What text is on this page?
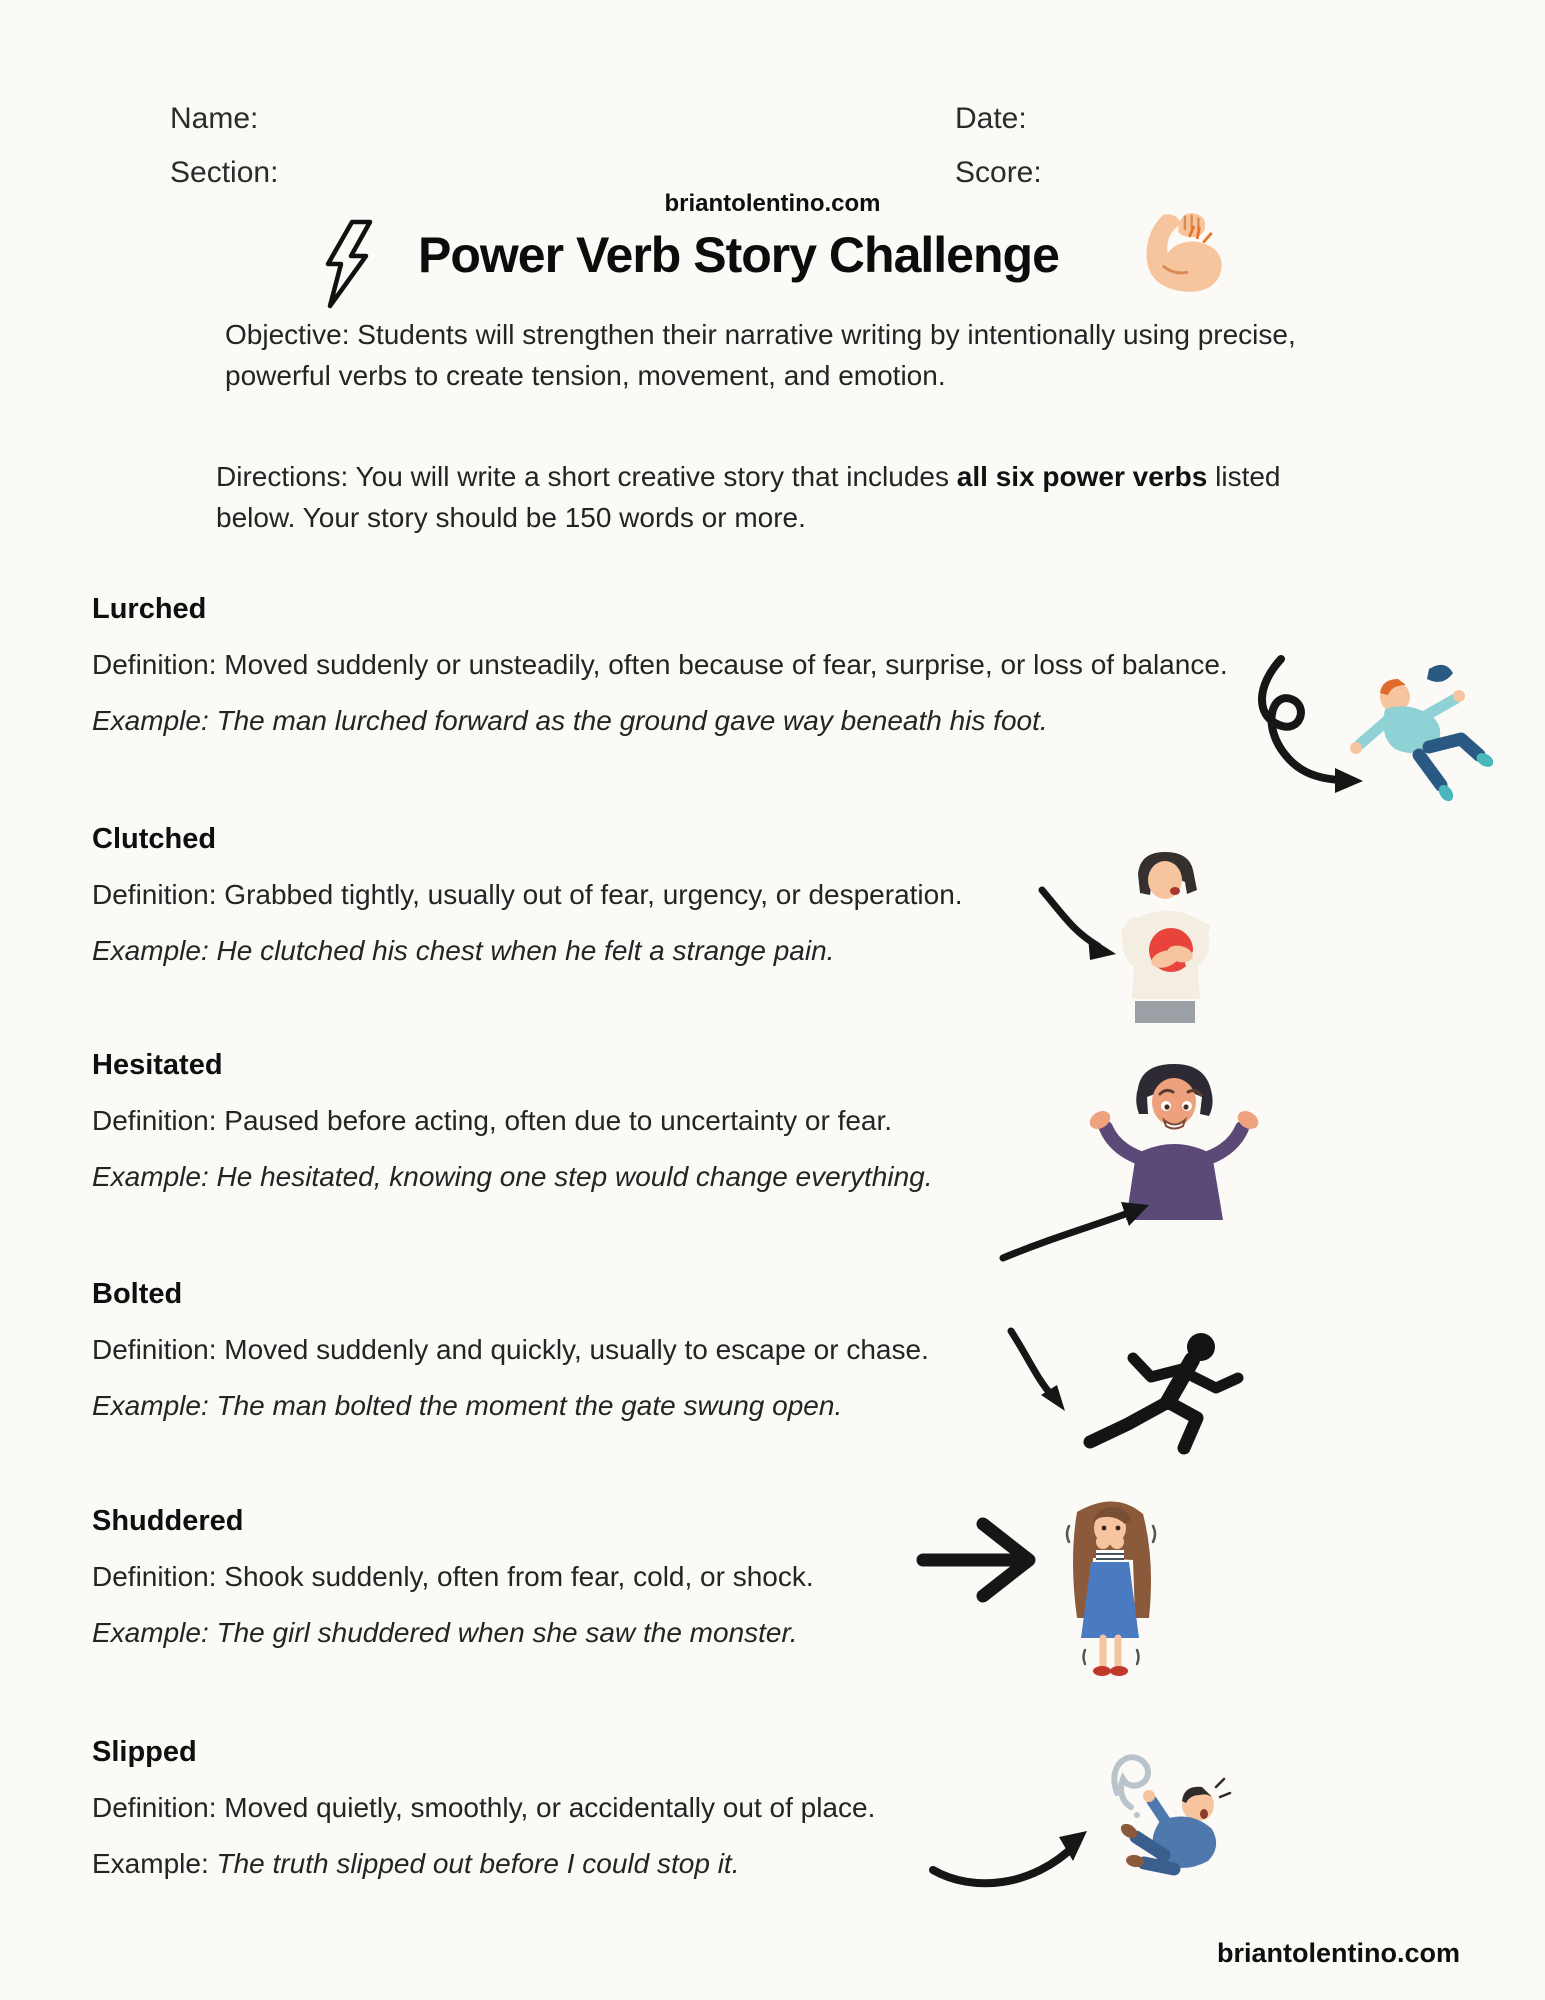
Name:
Section:
Date:
Score:
briantolentino.com
Power Verb Story Challenge
Objective: Students will strengthen their narrative writing by intentionally using precise, powerful verbs to create tension, movement, and emotion.
Directions: You will write a short creative story that includes all six power verbs listed below. Your story should be 150 words or more.
Lurched
Definition: Moved suddenly or unsteadily, often because of fear, surprise, or loss of balance.
Example: The man lurched forward as the ground gave way beneath his foot.
Clutched
Definition: Grabbed tightly, usually out of fear, urgency, or desperation.
Example: He clutched his chest when he felt a strange pain.
Hesitated
Definition: Paused before acting, often due to uncertainty or fear.
Example: He hesitated, knowing one step would change everything.
Bolted
Definition: Moved suddenly and quickly, usually to escape or chase.
Example: The man bolted the moment the gate swung open.
Shuddered
Definition: Shook suddenly, often from fear, cold, or shock.
Example: The girl shuddered when she saw the monster.
Slipped
Definition: Moved quietly, smoothly, or accidentally out of place.
Example: The truth slipped out before I could stop it.
briantolentino.com
